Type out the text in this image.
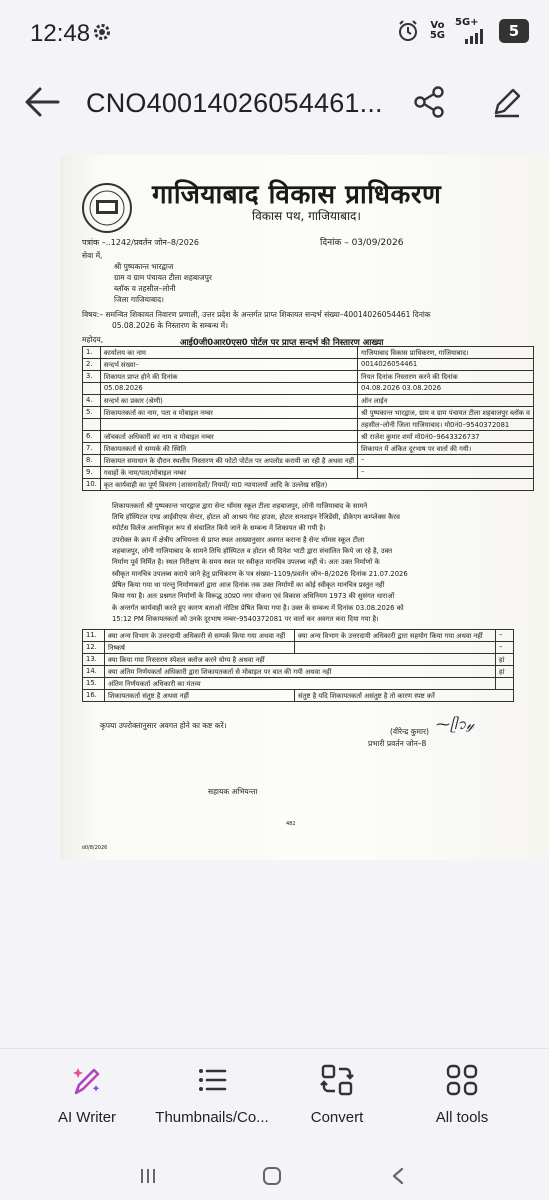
12:48	Vo
5G
5G+	5
CNO40014026054461...
गाजियाबाद विकास प्राधिकरण
विकास पथ, गाजियाबाद।
पत्रांक –..1242/प्रवर्तन जोन–8/2026	दिनांक – 03/09/2026
सेवा में,
श्री पुष्पकान्त भारद्वाज
ग्राम व ग्राम पंचायत टीला शहबाजपुर
ब्लॉक व तहसील–लोनी
जिला गाजियाबाद।
विषय:– समन्वित शिकायत निवारण प्रणाली, उत्तर प्रदेश के अन्तर्गत प्राप्त शिकायत सन्दर्भ संख्या–40014026054461 दिनांक
05.08.2026 के निस्तारण के सम्बन्ध में।
महोदय,	आई0जी0आर0एस0 पोर्टल पर प्राप्त सन्दर्भ की निस्तारण आख्या
1.	कार्यालय का नाम	गाजियाबाद विकास प्राधिकरण, गाजियाबाद।
2.	सन्दर्भ संख्या–	0014026054461
3.	शिकायत प्राप्त होने की दिनांक	नियत दिनांक निस्तारण करने की दिनांक
	05.08.2026	04.08.2026 03.08.2026
4.	सन्दर्भ का प्रकार (श्रेणी)	ऑन लाईन
5.	शिकायतकर्ता का नाम, पता व मोबाइल नम्बर	श्री पुष्पकान्त भारद्वाज, ग्राम व ग्राम पंचायत टीला शहबाजपुर ब्लॉक व
		तहसील–लोनी जिला गाजियाबाद। मो0नं0–9540372081
6.	जॉचकर्ता अधिकारी का नाम व मोबाइल नम्बर	श्री राजेश कुमार शर्मा मो0नं0–9643326737
7.	शिकायतकर्ता से सम्पर्क की स्थिति	शिकायत में अंकित दूरभाष पर वार्ता की गयी।
8.	शिकायत समाधान के दौरान स्थलीय निस्तारण की फोटो पोर्टल पर अपलोड करायी जा रही है अथवा नहीं	–
9.	गवाहों के नाम/पता/मोबाइल नम्बर	–
10.	कृत कार्यवाही का पूर्ण विवरण (शासनादेशों/ नियमों/ मा0 न्यायालयों आदि के उल्लेख सहित)	
शिकायतकर्ता श्री पुष्पकान्त भारद्वाज द्वारा सेन्ट थॉमस स्कूल टीला शहबाजपुर, लोनी गाजियाबाद के सामने
तिथि हॉस्पिटल एण्ड आईवीएफ सेन्टर, होटल ओ आश्रय गेस्ट हाउस, होटल सनशाइन रेजिडेंसी, डीकेएम कम्प्लेक्स कैरव
स्पोर्टस विलेज अनाधिकृत रूप से संचालित किये जाने के सम्बन्ध में शिकायत की गयी है।
उपरोक्त के क्रम में क्षेत्रीय अभियन्ता से प्राप्त स्थल आख्यानुसार अवगत कराना है सेन्ट थॉमस स्कूल टीला
शहबाजपुर, लोनी गाजियाबाद के सामने तिथि हॉस्पिटल व होटल श्री दिनेश भाटी द्वारा संचालित किये जा रहे है, उक्त
निर्माण पूर्व निर्मित है। स्थल निरीक्षण के समय स्थल पर स्वीकृत मानचित्र उपलब्ध नहीं थे। अतः उक्त निर्माणों के
स्वीकृत मानचित्र उपलब्ध कराये जाने हेतु प्राधिकरण के पत्र संख्या–1109/प्रवर्तन जोन–8/2026 दिनांक 21.07.2026
प्रेषित किया गया था परन्तु निर्माणकर्ता द्वारा आज दिनांक तक उक्त निर्माणों का कोई स्वीकृत मानचित्र प्रस्तुत नहीं
किया गया है। अतः प्रश्नगत निर्माणों के विरूद्ध उ0प्र0 नगर योजना एवं विकास अधिनियम 1973 की सुसंगत धाराओं
के अन्तर्गत कार्यवाही करते हुए कारण बताओ नोटिस प्रेषित किया गया है। उक्त के सम्बन्ध में दिनांक 03.08.2026 को
15:12 PM शिकायतकर्ता को उनके दूरभाष नम्बर–9540372081 पर वार्ता कर अवगत करा दिया गया है।
11.	क्या अन्य विभाग के उत्तरदायी अधिकारी से सम्पर्क किया गया अथवा नहीं	क्या अन्य विभाग के उत्तरदायी अधिकारी द्वारा सहयोग किया गया अथवा नहीं	–
12.	निष्कर्ष		–
13.	क्या किया गया निस्तारण स्पेशल क्लोज करने योग्य है अथवा नहीं		हां
14.	क्या अंतिम निर्णयकर्ता अधिकारी द्वारा शिकायतकर्ता से मोबाइल पर बात की गयी अथवा नहीं		हां
15.	अंतिम निर्णयकर्ता अधिकारी का मंतव्य		
16.	शिकायतकर्ता संतुष्ट है अथवा नहीं	संतुष्ट है यदि शिकायतकर्ता असंतुष्ट है तो कारण स्पष्ट करें	
कृपया उपरोक्तानुसार अवगत होने का कष्ट करें।
(वीरेन्द्र कुमार) ⁓ᥫ᭡𝓎
प्रभारी प्रवर्तन जोन–8
सहायक अभियन्ता
प्र0/8/2026
482
AI Writer	Thumbnails/Co...	Convert	All tools
